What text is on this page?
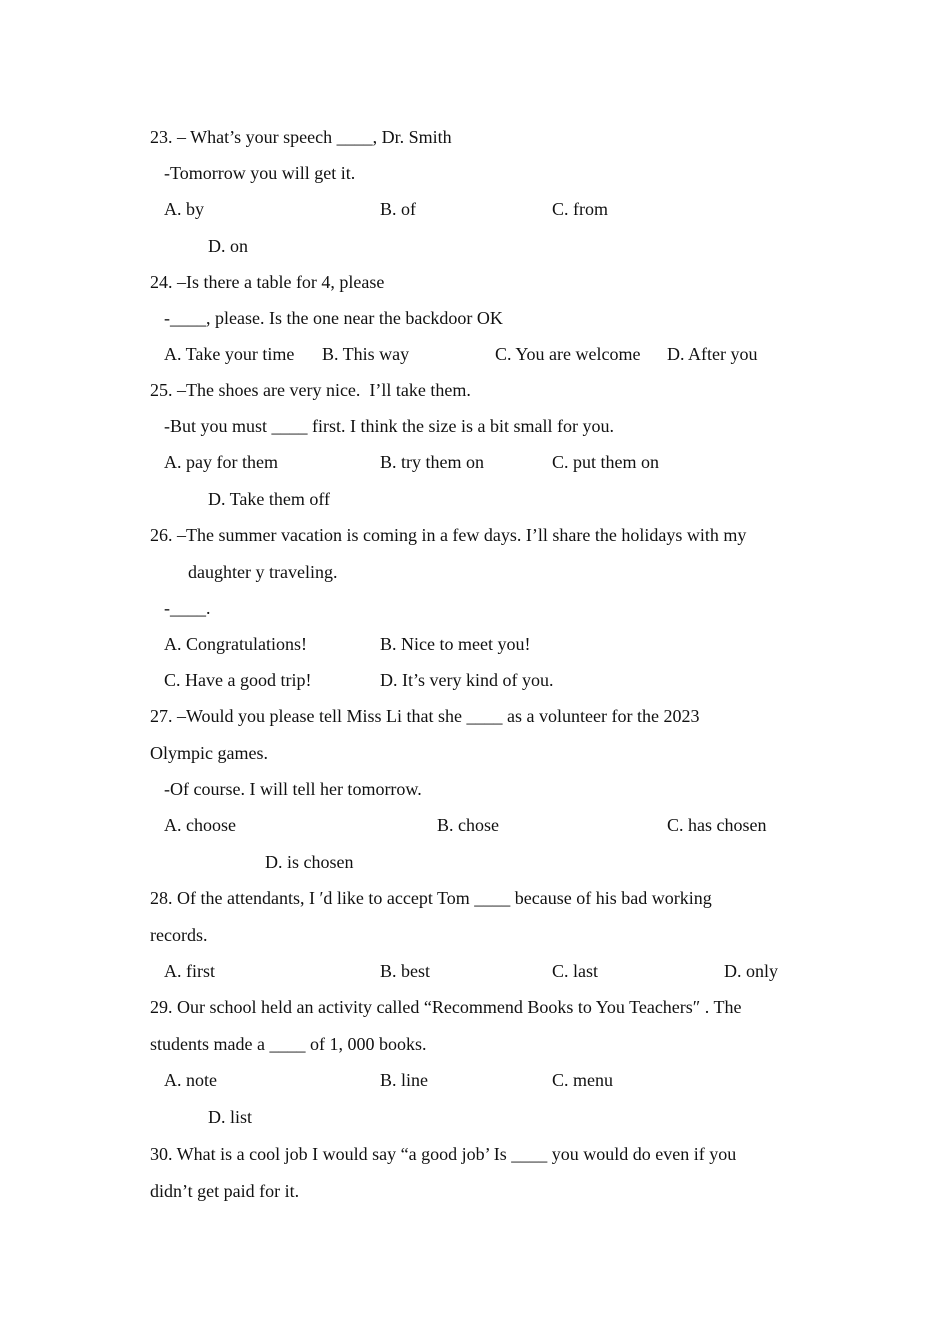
23. – What’s your speech ____, Dr. Smith
-Tomorrow you will get it.
A. by	B. of	C. from
D. on
24. –Is there a table for 4, please
-____, please. Is the one near the backdoor OK
A. Take your time B. This way	C. You are welcome D. After you
25. –The shoes are very nice.  I’ll take them.
-But you must ____ first. I think the size is a bit small for you.
A. pay for them	B. try them on	C. put them on
D. Take them off
26. –The summer vacation is coming in a few days. I’ll share the holidays with my
daughter y traveling.
-____.
A. Congratulations!	B. Nice to meet you!
C. Have a good trip!	D. It’s very kind of you.
27. –Would you please tell Miss Li that she ____ as a volunteer for the 2023
Olympic games.
-Of course. I will tell her tomorrow.
A. choose	B. chose	C. has chosen
D. is chosen
28. Of the attendants, I ′d like to accept Tom ____ because of his bad working
records.
A. first	B. best	C. last	D. only
29. Our school held an activity called “Recommend Books to You Teachers″ . The
students made a ____ of 1, 000 books.
A. note	B. line	C. menu
D. list
30. What is a cool job I would say “a good job’ Is ____ you would do even if you
didn’t get paid for it.
